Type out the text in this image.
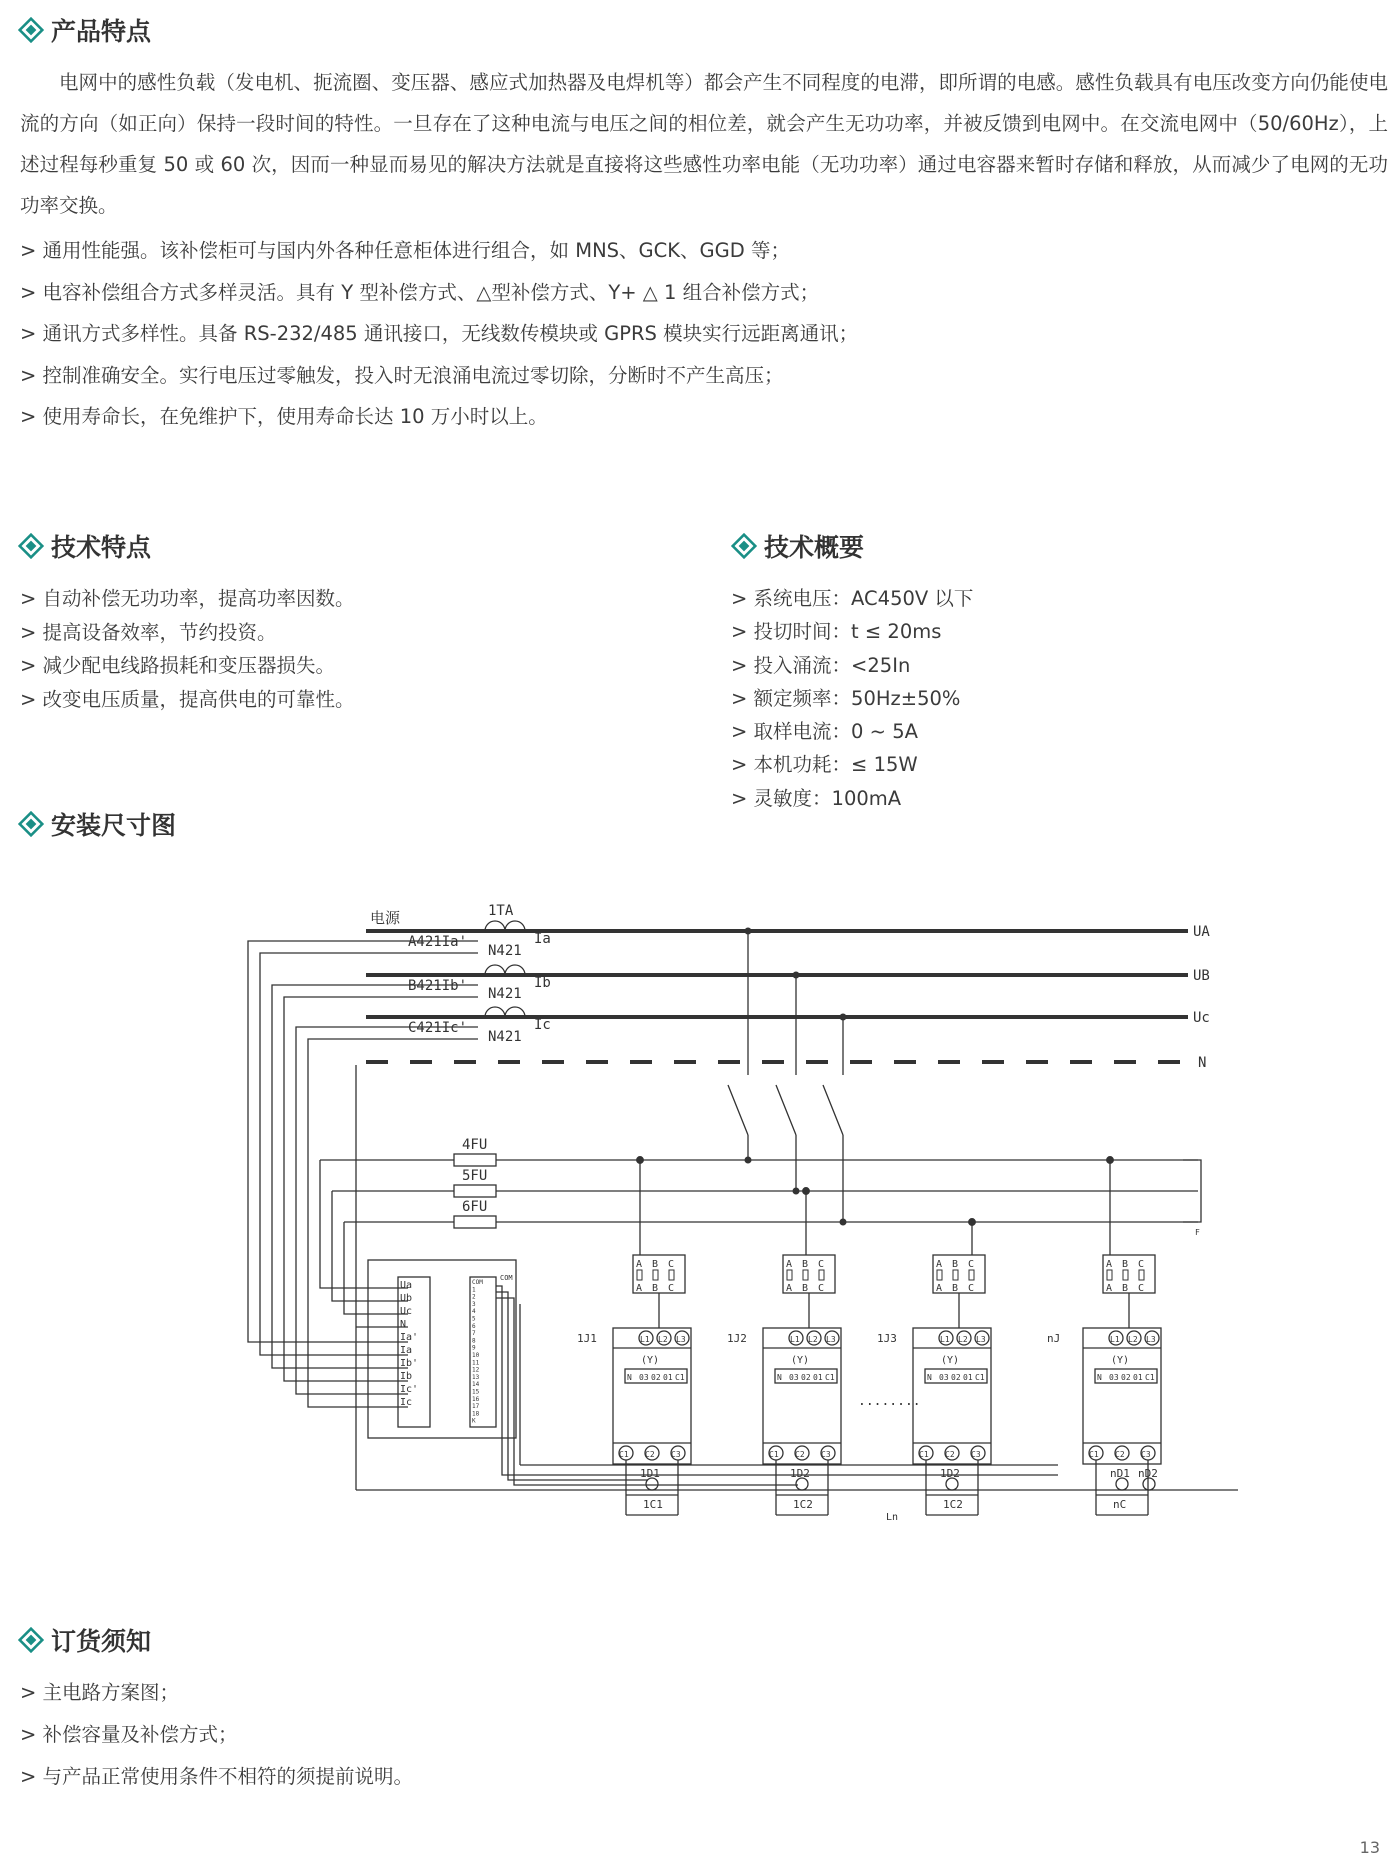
产品特点

电网中的感性负载（发电机、扼流圈、变压器、感应式加热器及电焊机等）都会产生不同程度的电滞，即所谓的电感。感性负载具有电压改变方向仍能使电流的方向（如正向）保持一段时间的特性。一旦存在了这种电流与电压之间的相位差，就会产生无功功率，并被反馈到电网中。在交流电网中（50/60Hz），上述过程每秒重复 50 或 60 次，因而一种显而易见的解决方法就是直接将这些感性功率电能（无功功率）通过电容器来暂时存储和释放，从而减少了电网的无功功率交换。

> 通用性能强。该补偿柜可与国内外各种任意柜体进行组合，如 MNS、GCK、GGD 等；
> 电容补偿组合方式多样灵活。具有 Y 型补偿方式、△型补偿方式、Y+ △ 1 组合补偿方式；
> 通讯方式多样性。具备 RS-232/485 通讯接口，无线数传模块或 GPRS 模块实行远距离通讯；
> 控制准确安全。实行电压过零触发，投入时无浪涌电流过零切除，分断时不产生高压；
> 使用寿命长，在免维护下，使用寿命长达 10 万小时以上。
技术特点
> 自动补偿无功功率，提高功率因数。
> 提高设备效率，节约投资。
> 减少配电线路损耗和变压器损失。
> 改变电压质量，提高供电的可靠性。
技术概要
> 系统电压：AC450V 以下
> 投切时间：t ≤ 20ms
> 投入涌流：<25In
> 额定频率：50Hz±50%
> 取样电流：0 ~ 5A
> 本机功耗：≤ 15W
> 灵敏度：100mA
安装尺寸图
电源	1TA
A421Ia'
B421Ib'
C421Ic'
N421
N421
N421
Ia
Ib
Ic
UA
UB
Uc
N
4FU
5FU
6FU
COM
........
Ln
F
Ua
Ub
Uc
N
Ia'
Ia
Ib'
Ib
Ic'
Ic
COM
1
2
3
4
5
6
7
8
9
10
11
12
13
14
15
16
17
18
K
A
A
B
B
C
C
L1 L2 L3
(Y)
N 03 02 01 C1
C1 C2 C3
1J1
1D1
1C1
A
A
B
B
C
C
L1 L2 L3
(Y)
N 03 02 01 C1
C1 C2 C3
1J2
1D2
1C2
A
A
B
B
C
C
L1 L2 L3
(Y)
N 03 02 01 C1
C1 C2 C3
1J3
1D2
1C2
A
A
B
B
C
C
L1 L2 L3
(Y)
N 03 02 01 C1
C1 C2 C3
nJ
nD1 nD2
nC
订货须知
> 主电路方案图；
> 补偿容量及补偿方式；
> 与产品正常使用条件不相符的须提前说明。
13
